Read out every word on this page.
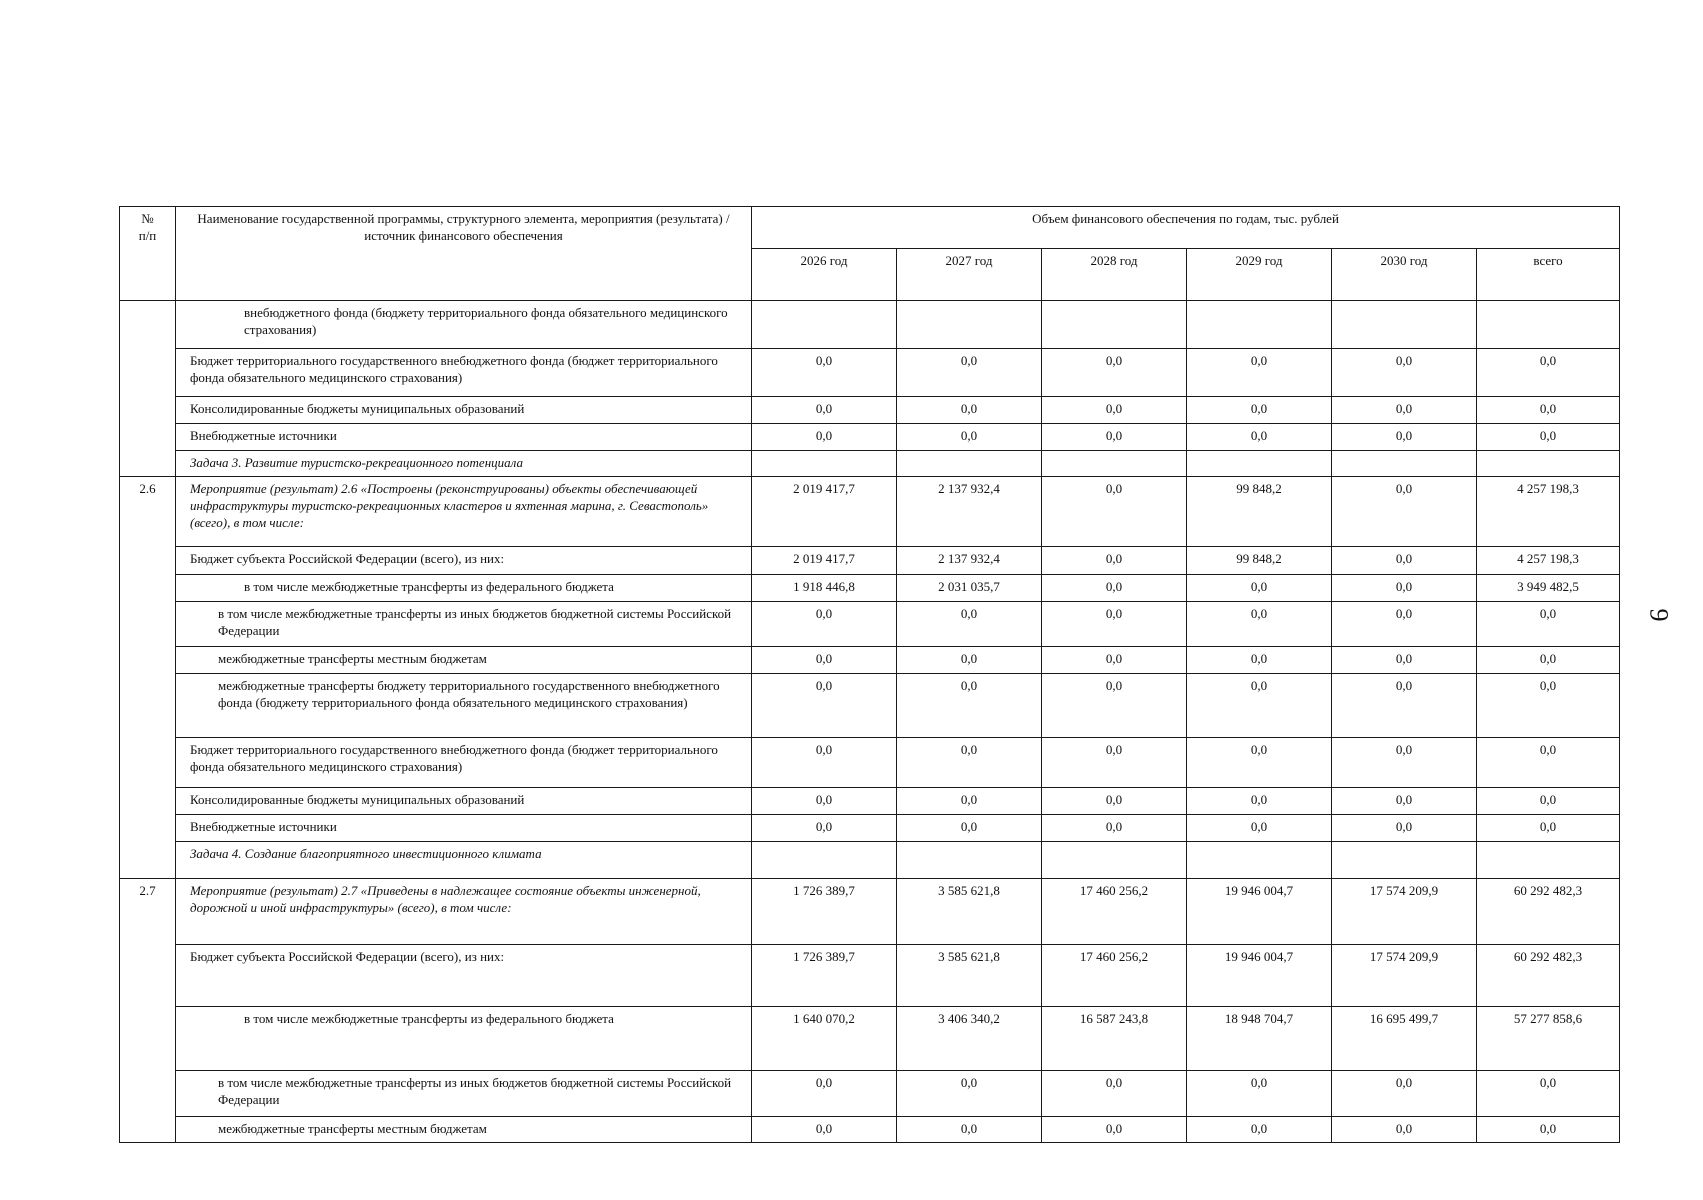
№
п/п	Наименование государственной программы, структурного элемента, мероприятия (результата) / источник финансового обеспечения	Объем финансового обеспечения по годам, тыс. рублей					
		2026 год	2027 год	2028 год	2029 год	2030 год	всего
	внебюджетного фонда (бюджету территориального фонда обязательного медицинского страхования)						
	Бюджет территориального государственного внебюджетного фонда (бюджет территориального фонда обязательного медицинского страхования)	0,0	0,0	0,0	0,0	0,0	0,0
	Консолидированные бюджеты муниципальных образований	0,0	0,0	0,0	0,0	0,0	0,0
	Внебюджетные источники	0,0	0,0	0,0	0,0	0,0	0,0
	Задача 3. Развитие туристско-рекреационного потенциала						
2.6	Мероприятие (результат) 2.6 «Построены (реконструированы) объекты обеспечивающей инфраструктуры туристско-рекреационных кластеров и яхтенная марина, г. Севастополь» (всего), в том числе:	2 019 417,7	2 137 932,4	0,0	99 848,2	0,0	4 257 198,3
	Бюджет субъекта Российской Федерации (всего), из них:	2 019 417,7	2 137 932,4	0,0	99 848,2	0,0	4 257 198,3
	в том числе межбюджетные трансферты из федерального бюджета	1 918 446,8	2 031 035,7	0,0	0,0	0,0	3 949 482,5
	в том числе межбюджетные трансферты из иных бюджетов бюджетной системы Российской Федерации	0,0	0,0	0,0	0,0	0,0	0,0
	межбюджетные трансферты местным бюджетам	0,0	0,0	0,0	0,0	0,0	0,0
	межбюджетные трансферты бюджету территориального государственного внебюджетного фонда (бюджету территориального фонда обязательного медицинского страхования)	0,0	0,0	0,0	0,0	0,0	0,0
	Бюджет территориального государственного внебюджетного фонда (бюджет территориального фонда обязательного медицинского страхования)	0,0	0,0	0,0	0,0	0,0	0,0
	Консолидированные бюджеты муниципальных образований	0,0	0,0	0,0	0,0	0,0	0,0
	Внебюджетные источники	0,0	0,0	0,0	0,0	0,0	0,0
	Задача 4. Создание благоприятного инвестиционного климата						
2.7	Мероприятие (результат) 2.7 «Приведены в надлежащее состояние объекты инженерной, дорожной и иной инфраструктуры» (всего), в том числе:	1 726 389,7	3 585 621,8	17 460 256,2	19 946 004,7	17 574 209,9	60 292 482,3
	Бюджет субъекта Российской Федерации (всего), из них:	1 726 389,7	3 585 621,8	17 460 256,2	19 946 004,7	17 574 209,9	60 292 482,3
	в том числе межбюджетные трансферты из федерального бюджета	1 640 070,2	3 406 340,2	16 587 243,8	18 948 704,7	16 695 499,7	57 277 858,6
	в том числе межбюджетные трансферты из иных бюджетов бюджетной системы Российской Федерации	0,0	0,0	0,0	0,0	0,0	0,0
	межбюджетные трансферты местным бюджетам	0,0	0,0	0,0	0,0	0,0	0,0
9
